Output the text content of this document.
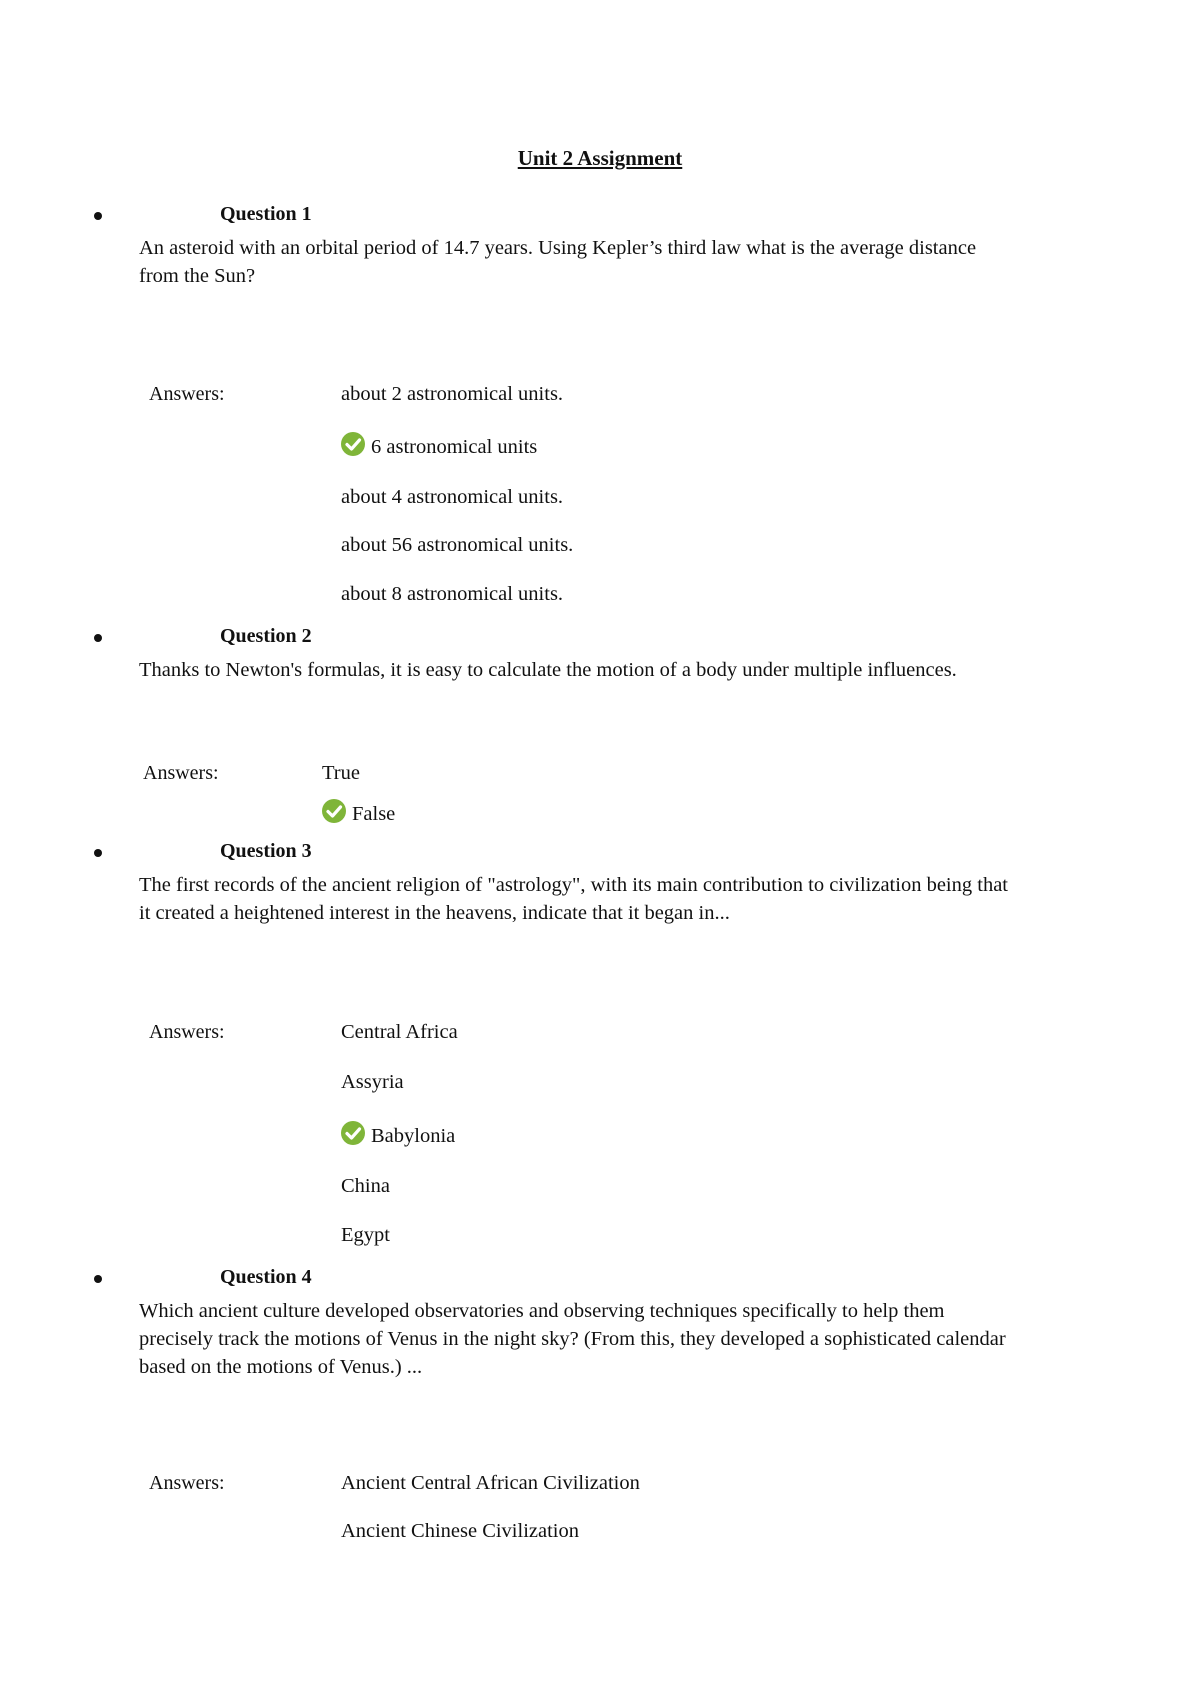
Unit 2 Assignment
Question 1
An asteroid with an orbital period of 14.7 years. Using Kepler’s third law what is the average distance from the Sun?
Answers:	about 2 astronomical units.
6 astronomical units
about 4 astronomical units.
about 56 astronomical units.
about 8 astronomical units.
Question 2
Thanks to Newton's formulas, it is easy to calculate the motion of a body under multiple influences.
Answers:	True
False
Question 3
The first records of the ancient religion of "astrology", with its main contribution to civilization being that it created a heightened interest in the heavens, indicate that it began in...
Answers:	Central Africa
Assyria
Babylonia
China
Egypt
Question 4
Which ancient culture developed observatories and observing techniques specifically to help them precisely track the motions of Venus in the night sky? (From this, they developed a sophisticated calendar based on the motions of Venus.) ...
Answers:	Ancient Central African Civilization
Ancient Chinese Civilization
